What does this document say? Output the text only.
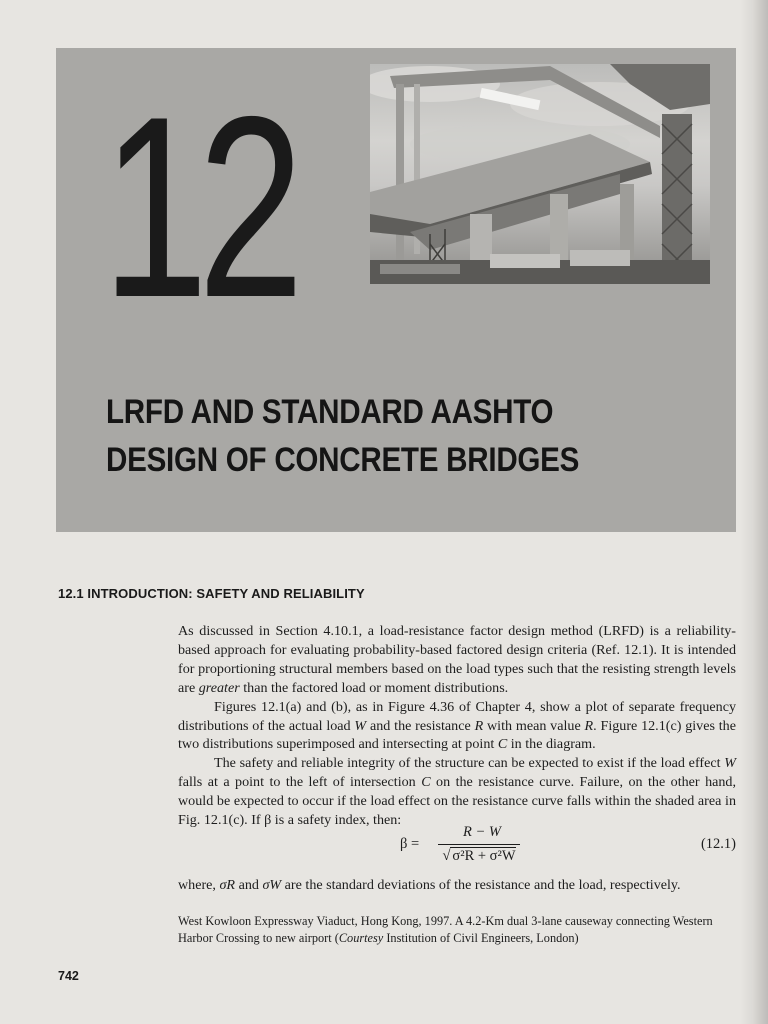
12
LRFD AND STANDARD AASHTO
DESIGN OF CONCRETE BRIDGES
12.1 INTRODUCTION: SAFETY AND RELIABILITY

As discussed in Section 4.10.1, a load-resistance factor design method (LRFD) is a reliability-based approach for evaluating probability-based factored design criteria (Ref. 12.1). It is intended for proportioning structural members based on the load types such that the resisting strength levels are greater than the factored load or moment distributions.

Figures 12.1(a) and (b), as in Figure 4.36 of Chapter 4, show a plot of separate frequency distributions of the actual load W and the resistance R with mean value R. Figure 12.1(c) gives the two distributions superimposed and intersecting at point C in the diagram.

The safety and reliable integrity of the structure can be expected to exist if the load effect W falls at a point to the left of intersection C on the resistance curve. Failure, on the other hand, would be expected to occur if the load effect on the resistance curve falls within the shaded area in Fig. 12.1(c). If β is a safety index, then:

β =
R − W
√ σ²R + σ²W
(12.1)
where, σR and σW are the standard deviations of the resistance and the load, respectively.
West Kowloon Expressway Viaduct, Hong Kong, 1997. A 4.2-Km dual 3-lane causeway connecting Western Harbor Crossing to new airport (Courtesy Institution of Civil Engineers, London)
742
